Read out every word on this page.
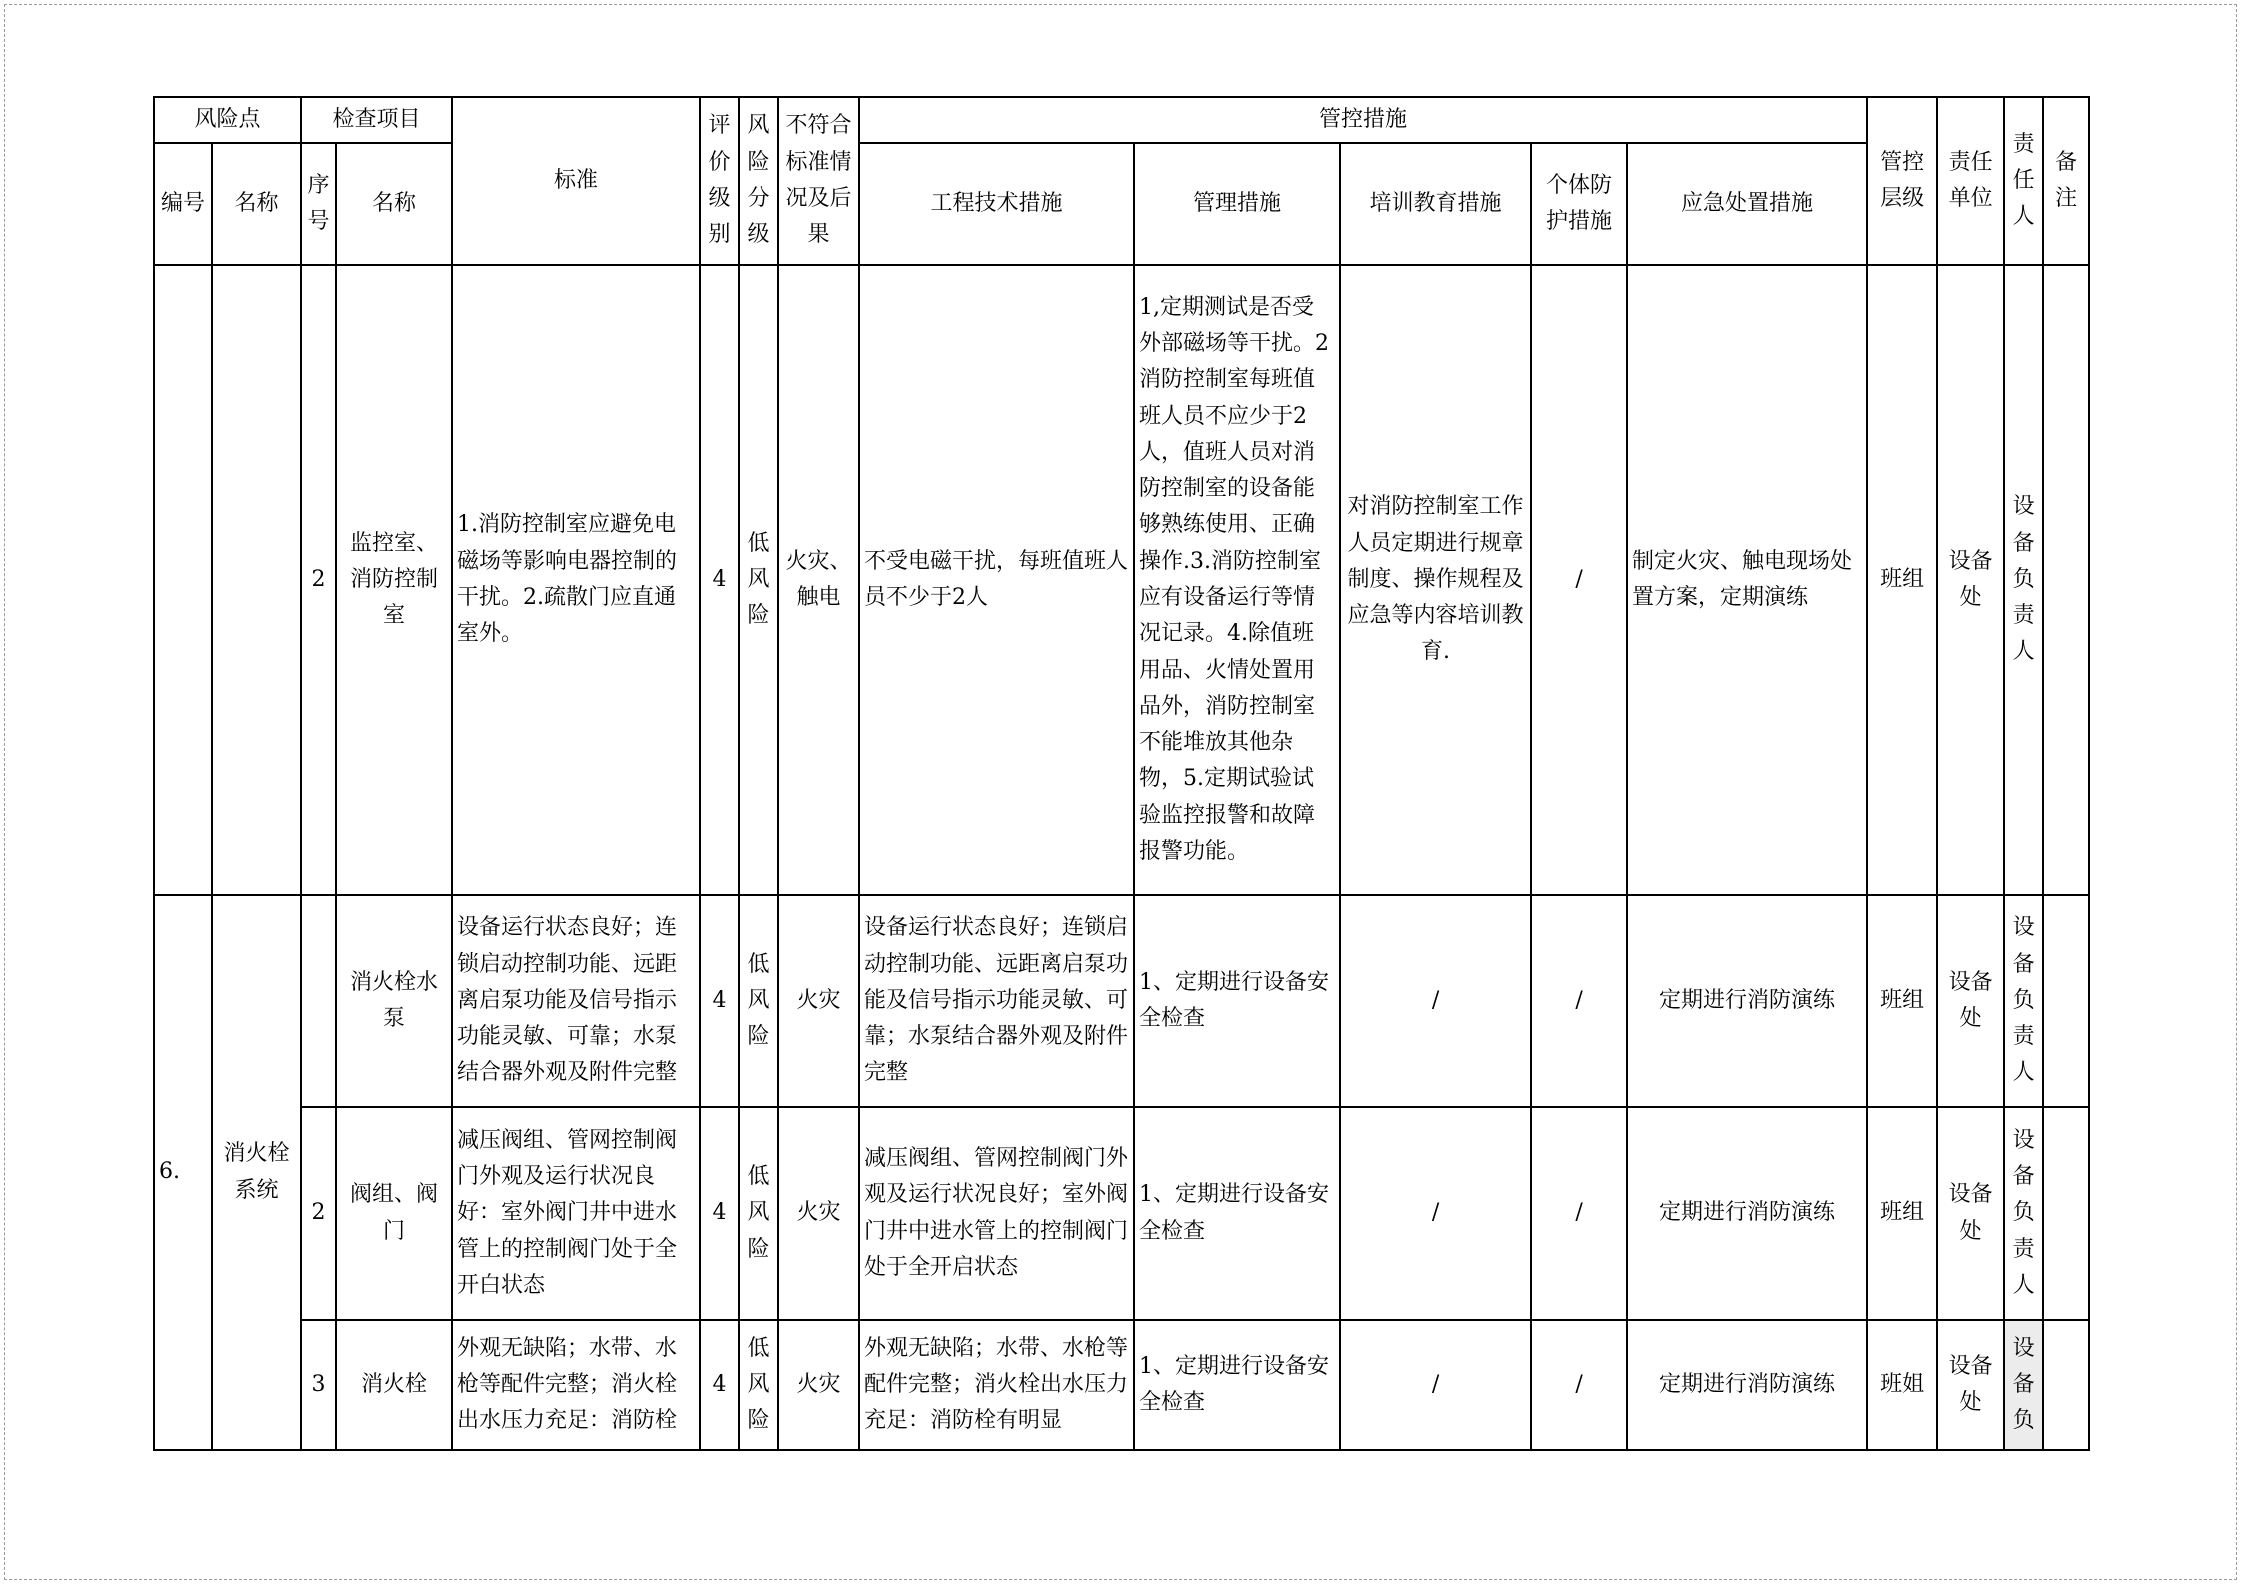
风险点		检查项目		标准	评价级别	风险分级	不符合标准情况及后果	管控措施					管控层级	责任单位	责任人	备注
编号	名称	序号	名称					工程技术措施	管理措施	培训教育措施	个体防护措施	应急处置措施				
		2	监控室、消防控制室	1.消防控制室应避免电磁场等影响电器控制的干扰。2.疏散门应直通室外。	4	低风险	火灾、触电	不受电磁干扰，每班值班人员不少于2人	1,定期测试是否受外部磁场等干扰。2消防控制室每班值班人员不应少于2人，值班人员对消防控制室的设备能够熟练使用、正确操作.3.消防控制室应有设备运行等情况记录。4.除值班用品、火情处置用品外，消防控制室不能堆放其他杂物，5.定期试验试验监控报警和故障报警功能。	对消防控制室工作人员定期进行规章制度、操作规程及应急等内容培训教育.	/	制定火灾、触电现场处置方案，定期演练	班组	设备处	设备负责人	
6.	消火栓系统		消火栓水泵	设备运行状态良好；连锁启动控制功能、远距离启泵功能及信号指示功能灵敏、可靠；水泵结合器外观及附件完整	4	低风险	火灾	设备运行状态良好；连锁启动控制功能、远距离启泵功能及信号指示功能灵敏、可靠；水泵结合器外观及附件完整	1、定期进行设备安全检查	/	/	定期进行消防演练	班组	设备处	设备负责人	
		2	阀组、阀门	减压阀组、管网控制阀门外观及运行状况良好：室外阀门井中进水管上的控制阀门处于全开白状态	4	低风险	火灾	减压阀组、管网控制阀门外观及运行状况良好；室外阀门井中进水管上的控制阀门处于全开启状态	1、定期进行设备安全检查	/	/	定期进行消防演练	班组	设备处	设备负责人	
		3	消火栓	外观无缺陷；水带、水枪等配件完整；消火栓出水压力充足：消防栓	4	低风险	火灾	外观无缺陷；水带、水枪等配件完整；消火栓出水压力充足：消防栓有明显	1、定期进行设备安全检查	/	/	定期进行消防演练	班姐	设备处	设备负	
